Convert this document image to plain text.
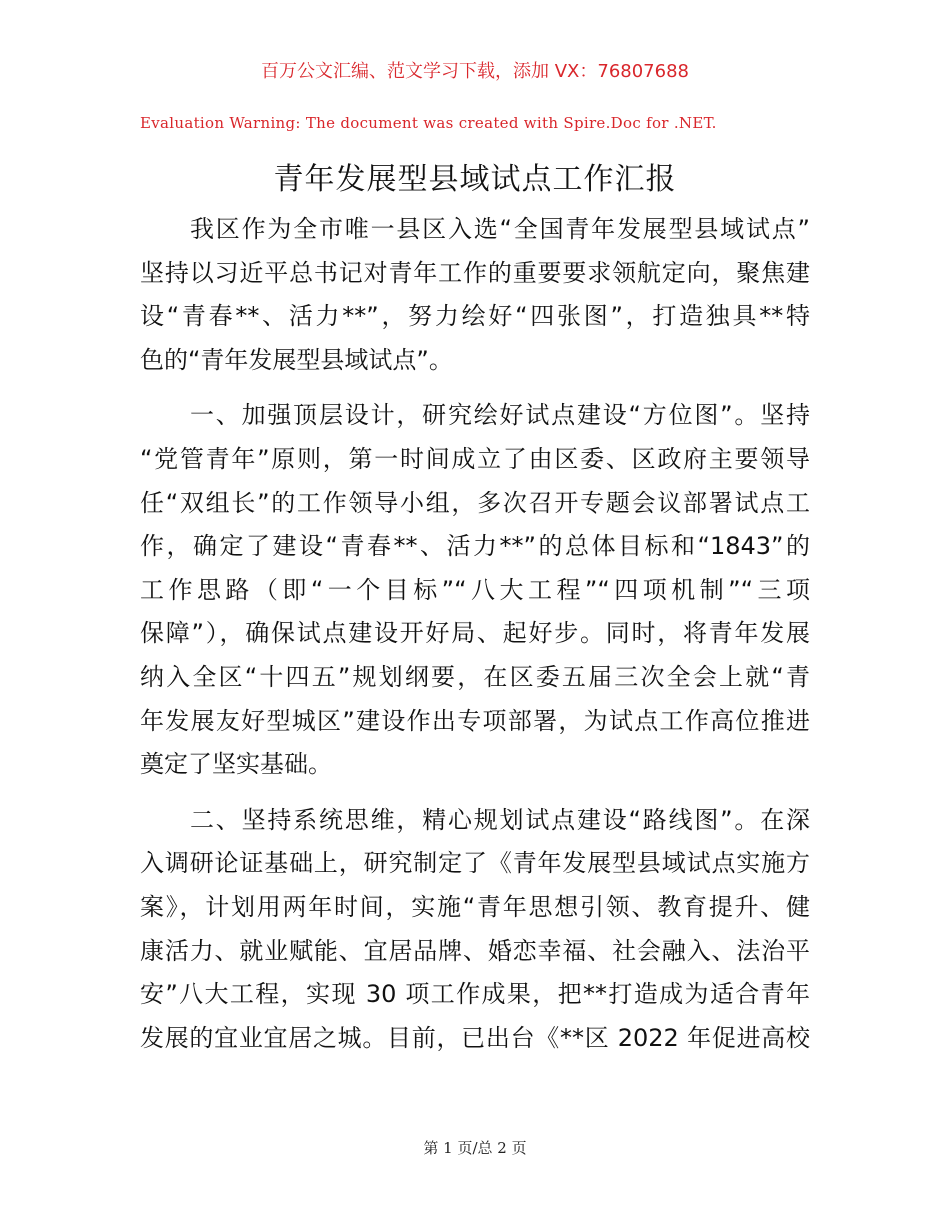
百万公文汇编、范文学习下载，添加 VX：76807688
Evaluation Warning: The document was created with Spire.Doc for .NET.
青年发展型县域试点工作汇报
我区作为全市唯一县区入选“全国青年发展型县域试点”
坚持以习近平总书记对青年工作的重要要求领航定向，聚焦建
设“青春**、活力**”，努力绘好“四张图”，打造独具**特
色的“青年发展型县域试点”。
一、加强顶层设计，研究绘好试点建设“方位图”。坚持
“党管青年”原则，第一时间成立了由区委、区政府主要领导
任“双组长”的工作领导小组，多次召开专题会议部署试点工
作，确定了建设“青春**、活力**”的总体目标和“1843”的
工作思路（即“一个目标”“八大工程”“四项机制”“三项
保障”），确保试点建设开好局、起好步。同时，将青年发展
纳入全区“十四五”规划纲要，在区委五届三次全会上就“青
年发展友好型城区”建设作出专项部署，为试点工作高位推进
奠定了坚实基础。
二、坚持系统思维，精心规划试点建设“路线图”。在深
入调研论证基础上，研究制定了《青年发展型县域试点实施方
案》，计划用两年时间，实施“青年思想引领、教育提升、健
康活力、就业赋能、宜居品牌、婚恋幸福、社会融入、法治平
安”八大工程，实现 30 项工作成果，把**打造成为适合青年
发展的宜业宜居之城。目前，已出台《**区 2022 年促进高校
第 1 页/总 2 页
